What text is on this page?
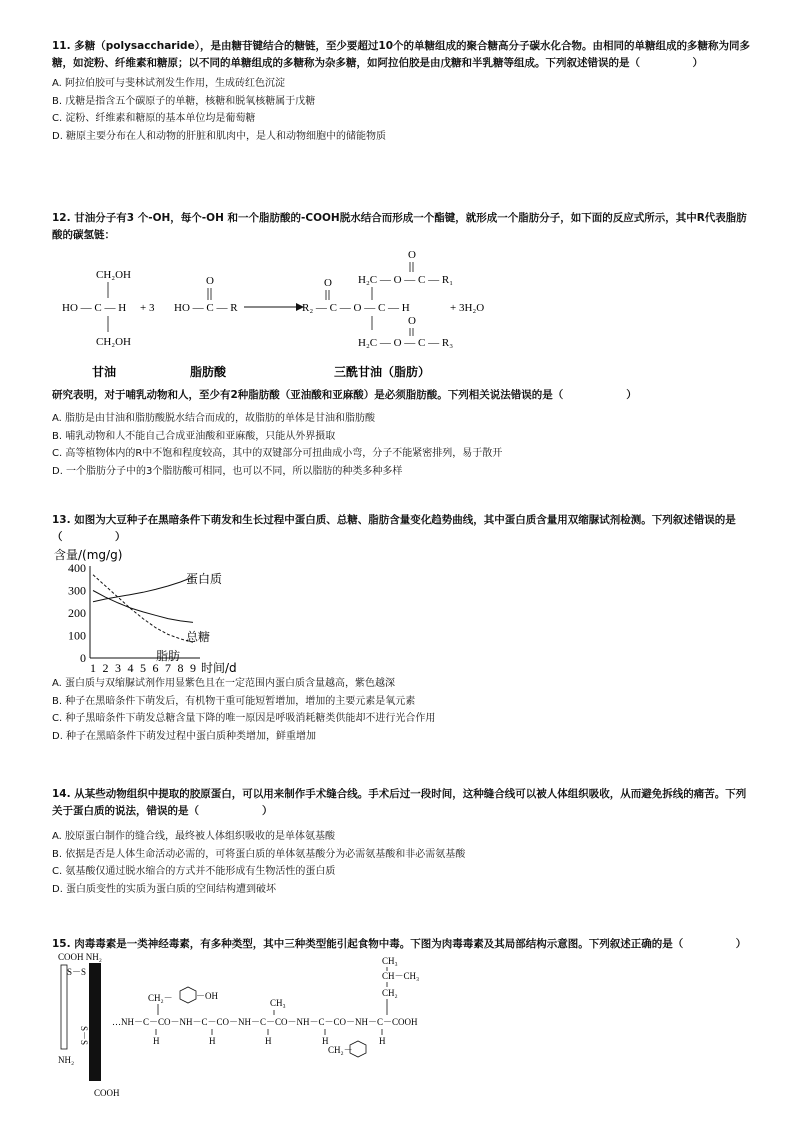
11. 多糖（polysaccharide），是由糖苷键结合的糖链，至少要超过10个的单糖组成的聚合糖高分子碳水化合物。由相同的单糖组成的多糖称为同多糖，如淀粉、纤维素和糖原；以不同的单糖组成的多糖称为杂多糖，如阿拉伯胶是由戊糖和半乳糖等组成。下列叙述错误的是（　　　　　）

A. 阿拉伯胶可与斐林试剂发生作用，生成砖红色沉淀
B. 戊糖是指含五个碳原子的单糖，核糖和脱氧核糖属于戊糖
C. 淀粉、纤维素和糖原的基本单位均是葡萄糖
D. 糖原主要分布在人和动物的肝脏和肌肉中，是人和动物细胞中的储能物质

12. 甘油分子有3 个-OH，每个-OH 和一个脂肪酸的-COOH脱水结合而形成一个酯键，就形成一个脂肪分子，如下面的反应式所示，其中R代表脂肪酸的碳氢链：

CH₂OH
HO — C — H
CH₂OH
+ 3
O
HO — C — R
O
H₂C — O — C — R₁
O
R₂ — C — O — C — H
O
H₂C — O — C — R₃
+ 3H₂O
甘油	脂肪酸	三酰甘油（脂肪）

研究表明，对于哺乳动物和人，至少有2种脂肪酸（亚油酸和亚麻酸）是必须脂肪酸。下列相关说法错误的是（　　　　　　）

A. 脂肪是由甘油和脂肪酸脱水结合而成的，故脂肪的单体是甘油和脂肪酸
B. 哺乳动物和人不能自己合成亚油酸和亚麻酸，只能从外界摄取
C. 高等植物体内的R中不饱和程度较高，其中的双键部分可扭曲成小弯，分子不能紧密排列，易于散开
D. 一个脂肪分子中的3个脂肪酸可相同，也可以不同，所以脂肪的种类多种多样

13. 如图为大豆种子在黑暗条件下萌发和生长过程中蛋白质、总糖、脂肪含量变化趋势曲线，其中蛋白质含量用双缩脲试剂检测。下列叙述错误的是（　　　　　）

含量/(mg/g)
400
300
200
100
0
1 2 3 4 5 6 7 8 9 时间/d
蛋白质
总糖
脂肪
A. 蛋白质与双缩脲试剂作用显紫色且在一定范围内蛋白质含量越高，紫色越深
B. 种子在黑暗条件下萌发后，有机物干重可能短暂增加，增加的主要元素是氧元素
C. 种子黑暗条件下萌发总糖含量下降的唯一原因是呼吸消耗糖类供能却不进行光合作用
D. 种子在黑暗条件下萌发过程中蛋白质种类增加，鲜重增加

14. 从某些动物组织中提取的胶原蛋白，可以用来制作手术缝合线。手术后过一段时间，这种缝合线可以被人体组织吸收，从而避免拆线的痛苦。下列关于蛋白质的说法，错误的是（　　　　　　）

A. 胶原蛋白制作的缝合线，最终被人体组织吸收的是单体氨基酸
B. 依据是否是人体生命活动必需的，可将蛋白质的单体氨基酸分为必需氨基酸和非必需氨基酸
C. 氨基酸仅通过脱水缩合的方式并不能形成有生物活性的蛋白质
D. 蛋白质变性的实质为蛋白质的空间结构遭到破坏

15. 肉毒毒素是一类神经毒素，有多种类型，其中三种类型能引起食物中毒。下图为肉毒毒素及其局部结构示意图。下列叙述正确的是（　　　　　）

COOH NH₂
S－S
S－S
NH₂
COOH
CH₂－	－OH
CH₃
CH₃
CH－CH₃
CH₂
…NH－C－CO－NH－C－CO－NH－C－CO－NH－C－CO－NH－C－COOH
H	H	H	H	H
CH₂－
